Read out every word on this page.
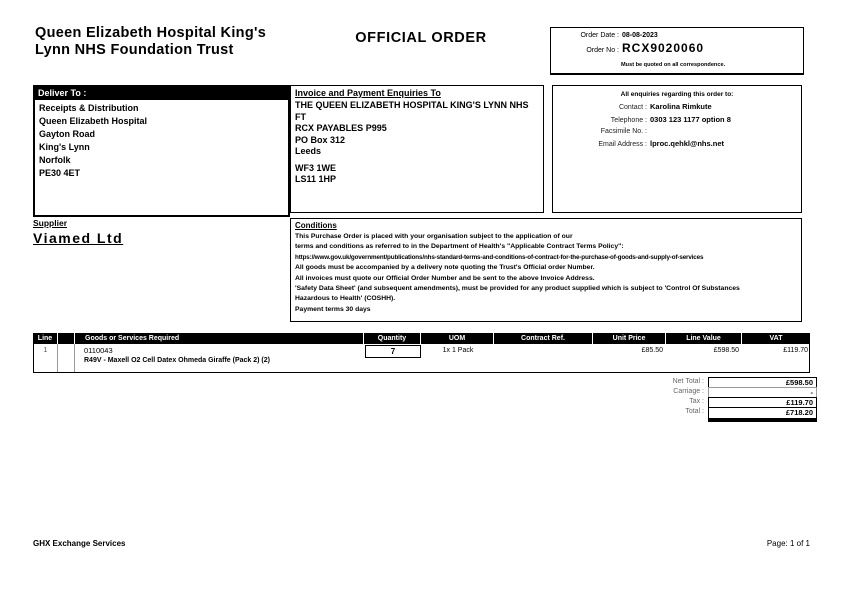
Queen Elizabeth Hospital King's Lynn NHS Foundation Trust
OFFICIAL ORDER	Order Date : 08-08-2023
Order No : RCX9020060
Must be quoted on all correspondence.
Deliver To :
Receipts & Distribution
Queen Elizabeth Hospital
Gayton Road
King's Lynn
Norfolk
PE30 4ET
Invoice and Payment Enquiries To
THE QUEEN ELIZABETH HOSPITAL KING'S LYNN NHS FT
RCX PAYABLES P995
PO Box 312
Leeds
WF3 1WE
LS11 1HP
All enquiries regarding this order to:
Contact : Karolina Rimkute
Telephone : 0303 123 1177 option 8
Facsimile No. :
Email Address : lproc.qehkl@nhs.net
Supplier
Viamed Ltd
Conditions
This Purchase Order is placed with your organisation subject to the application of our
terms and conditions as referred to in the Department of Health's "Applicable Contract Terms Policy":
https://www.gov.uk/government/publications/nhs-standard-terms-and-conditions-of-contract-for-the-purchase-of-goods-and-supply-of-services
All goods must be accompanied by a delivery note quoting the Trust's Official order Number.
All invoices must quote our Official Order Number and be sent to the above Invoice Address.
'Safety Data Sheet' (and subsequent amendments), must be provided for any product supplied which is subject to 'Control Of Substances
Hazardous to Health' (COSHH).
Payment terms 30 days
Line	Goods or Services Required	Quantity	UOM	Contract Ref.	Unit Price	Line Value	VAT
1	0110043
R49V - Maxell O2 Cell Datex Ohmeda Giraffe (Pack 2) (2)
7	1x 1 Pack	£85.50	£598.50	£119.70
Net Total :	£598.50
Carriage :	-
Tax :	£119.70
Total :	£718.20
GHX Exchange Services	Page: 1 of 1
